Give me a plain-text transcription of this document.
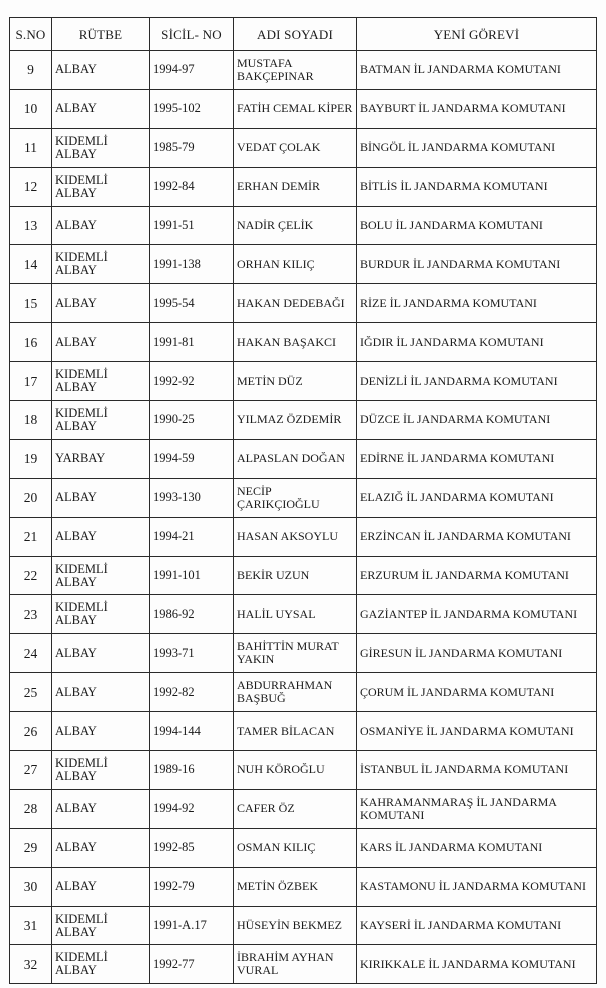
S.NO	RÜTBE	SİCİL- NO	ADI SOYADI	YENİ GÖREVİ
9	ALBAY	1994-97	MUSTAFA BAKÇEPINAR	BATMAN İL JANDARMA KOMUTANI
10	ALBAY	1995-102	FATİH CEMAL KİPER	BAYBURT İL JANDARMA KOMUTANI
11	KIDEMLİ ALBAY	1985-79	VEDAT ÇOLAK	BİNGÖL İL JANDARMA KOMUTANI
12	KIDEMLİ ALBAY	1992-84	ERHAN DEMİR	BİTLİS İL JANDARMA KOMUTANI
13	ALBAY	1991-51	NADİR ÇELİK	BOLU İL JANDARMA KOMUTANI
14	KIDEMLİ ALBAY	1991-138	ORHAN KILIÇ	BURDUR İL JANDARMA KOMUTANI
15	ALBAY	1995-54	HAKAN DEDEBAĞI	RİZE İL JANDARMA KOMUTANI
16	ALBAY	1991-81	HAKAN BAŞAKCI	IĞDIR İL JANDARMA KOMUTANI
17	KIDEMLİ ALBAY	1992-92	METİN DÜZ	DENİZLİ İL JANDARMA KOMUTANI
18	KIDEMLİ ALBAY	1990-25	YILMAZ ÖZDEMİR	DÜZCE İL JANDARMA KOMUTANI
19	YARBAY	1994-59	ALPASLAN DOĞAN	EDİRNE İL JANDARMA KOMUTANI
20	ALBAY	1993-130	NECİP ÇARIKÇIOĞLU	ELAZIĞ İL JANDARMA KOMUTANI
21	ALBAY	1994-21	HASAN AKSOYLU	ERZİNCAN İL JANDARMA KOMUTANI
22	KIDEMLİ ALBAY	1991-101	BEKİR UZUN	ERZURUM İL JANDARMA KOMUTANI
23	KIDEMLİ ALBAY	1986-92	HALİL UYSAL	GAZİANTEP İL JANDARMA KOMUTANI
24	ALBAY	1993-71	BAHİTTİN MURAT YAKIN	GİRESUN İL JANDARMA KOMUTANI
25	ALBAY	1992-82	ABDURRAHMAN BAŞBUĞ	ÇORUM İL JANDARMA KOMUTANI
26	ALBAY	1994-144	TAMER BİLACAN	OSMANİYE İL JANDARMA KOMUTANI
27	KIDEMLİ ALBAY	1989-16	NUH KÖROĞLU	İSTANBUL İL JANDARMA KOMUTANI
28	ALBAY	1994-92	CAFER ÖZ	KAHRAMANMARAŞ İL JANDARMA KOMUTANI
29	ALBAY	1992-85	OSMAN KILIÇ	KARS İL JANDARMA KOMUTANI
30	ALBAY	1992-79	METİN ÖZBEK	KASTAMONU İL JANDARMA KOMUTANI
31	KIDEMLİ ALBAY	1991-A.17	HÜSEYİN BEKMEZ	KAYSERİ İL JANDARMA KOMUTANI
32	KIDEMLİ ALBAY	1992-77	İBRAHİM AYHAN VURAL	KIRIKKALE İL JANDARMA KOMUTANI
